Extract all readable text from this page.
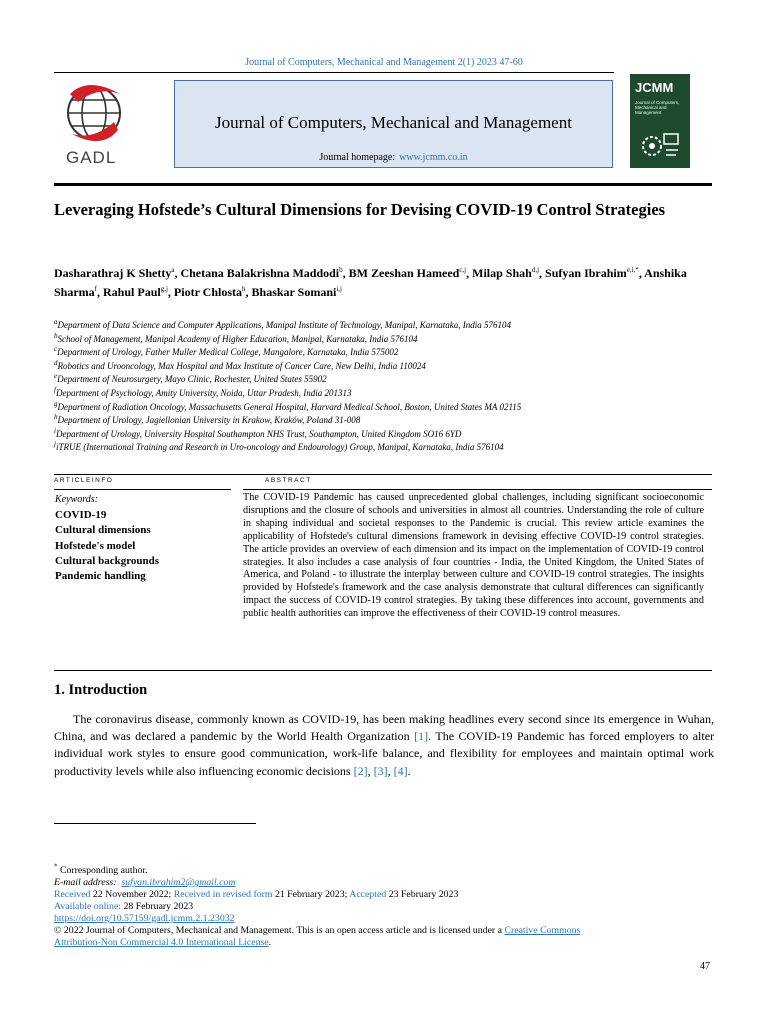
Journal of Computers, Mechanical and Management 2(1) 2023 47-60
GADL
Journal of Computers, Mechanical and Management
Journal homepage: www.jcmm.co.in
JCMM
Journal of Computers, Mechanical and Management
Leveraging Hofstede’s Cultural Dimensions for Devising COVID-19 Control Strategies
Dasharathraj K Shetty$^a$, Chetana Balakrishna Maddodi$^b$, BM Zeeshan Hameed$^{c,j}$, Milap Shah$^{d,j}$, Sufyan Ibrahim$^{e,i,*}$, Anshika Sharma$^f$, Rahul Paul$^{g,j}$, Piotr Chlosta$^h$, Bhaskar Somani$^{i,j}$
$^a$Department of Data Science and Computer Applications, Manipal Institute of Technology, Manipal, Karnataka, India 576104
$^b$School of Management, Manipal Academy of Higher Education, Manipal, Karnataka, India 576104
$^c$Department of Urology, Father Muller Medical College, Mangalore, Karnataka, India 575002
$^d$Robotics and Urooncology, Max Hospital and Max Institute of Cancer Care, New Delhi, India 110024
$^e$Department of Neurosurgery, Mayo Clinic, Rochester, United States 55902
$^f$Department of Psychology, Amity University, Noida, Uttar Pradesh, India 201313
$^g$Department of Radiation Oncology, Massachusetts General Hospital, Harvard Medical School, Boston, United States MA 02115
$^h$Department of Urology, Jagiellonian University in Krakow, Kraków, Poland 31-008
$^i$Department of Urology, University Hospital Southampton NHS Trust, Southampton, United Kingdom SO16 6YD
$^j$iTRUE (International Training and Research in Uro-oncology and Endourology) Group, Manipal, Karnataka, India 576104
ARTICLEINFO	ABSTRACT
Keywords:
COVID-19
Cultural dimensions
Hofstede's model
Cultural backgrounds
Pandemic handling
The COVID-19 Pandemic has caused unprecedented global challenges, including significant socioeconomic disruptions and the closure of schools and universities in almost all countries. Understanding the role of culture in shaping individual and societal responses to the Pandemic is crucial. This review article examines the applicability of Hofstede's cultural dimensions framework in devising effective COVID-19 control strategies. The article provides an overview of each dimension and its impact on the implementation of COVID-19 control strategies. It also includes a case analysis of four countries - India, the United Kingdom, the United States of America, and Poland - to illustrate the interplay between culture and COVID-19 control strategies. The insights provided by Hofstede's framework and the case analysis demonstrate that cultural differences can significantly impact the success of COVID-19 control strategies. By taking these differences into account, governments and public health authorities can improve the effectiveness of their COVID-19 control measures.
1. Introduction
The coronavirus disease, commonly known as COVID-19, has been making headlines every second since its emergence in Wuhan, China, and was declared a pandemic by the World Health Organization [1]. The COVID-19 Pandemic has forced employers to alter individual work styles to ensure good communication, work-life balance, and flexibility for employees and maintain optimal work productivity levels while also influencing economic decisions [2], [3], [4].
* Corresponding author.
E-mail address: sufyan.ibrahim2@gmail.com
Received 22 November 2022; Received in revised form 21 February 2023; Accepted 23 February 2023
Available online: 28 February 2023
https://doi.org/10.57159/gadl.jcmm.2.1.23032
© 2022 Journal of Computers, Mechanical and Management. This is an open access article and is licensed under a Creative Commons
Attribution-Non Commercial 4.0 International License.
47
